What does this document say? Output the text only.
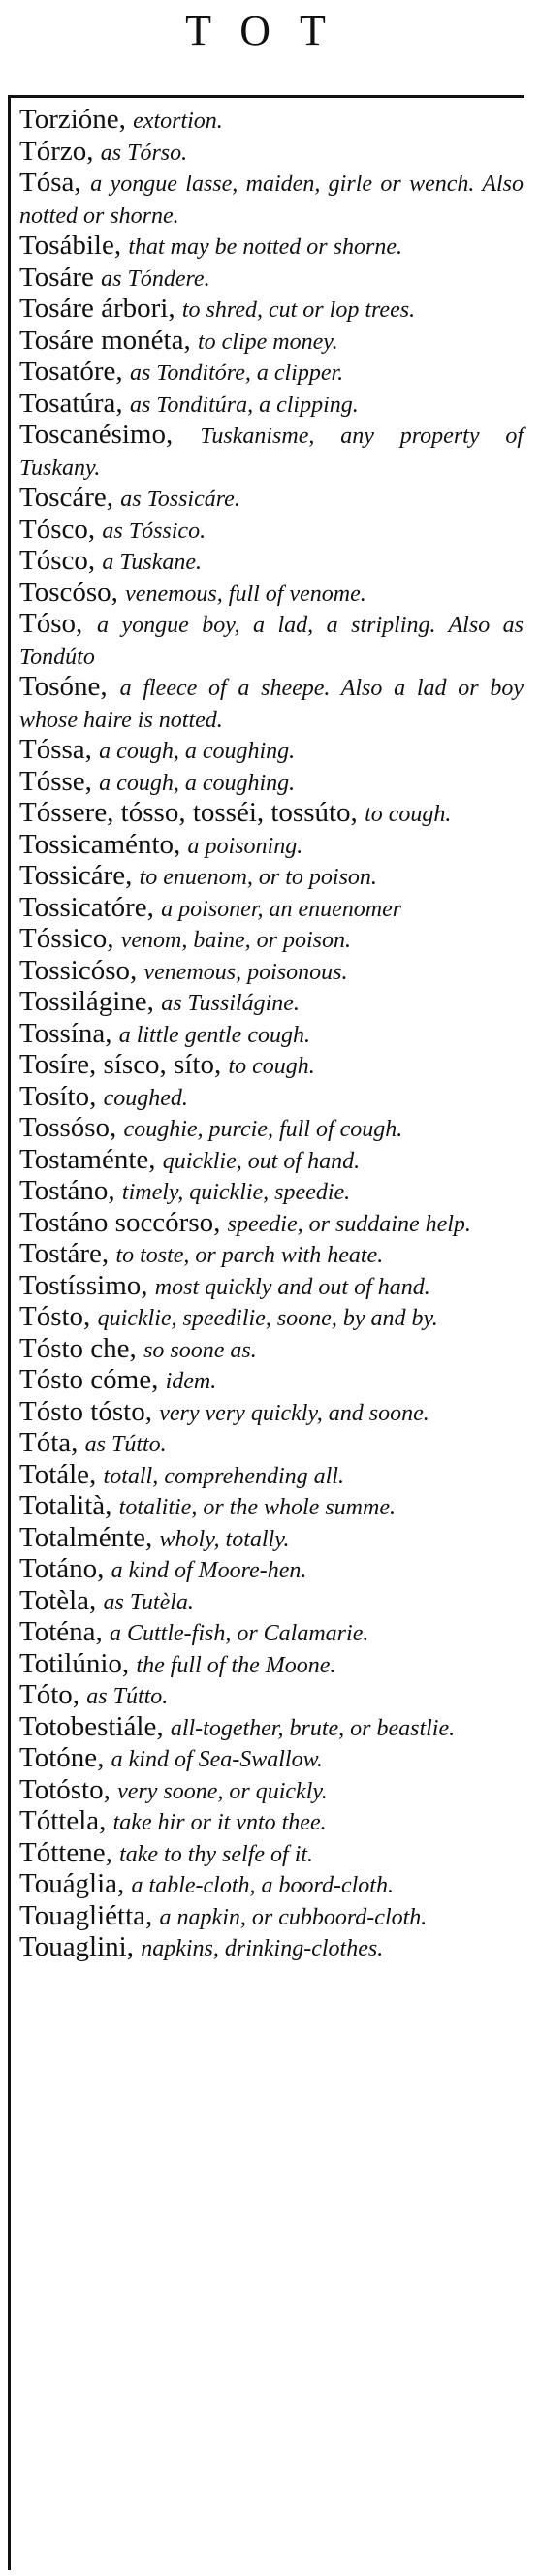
TOT
Torzióne, extortion.
Tórzo, as Tórso.
Tósa, a yongue lasse, maiden, girle or wench. Also notted or shorne.
Tosábile, that may be notted or shorne.
Tosáre as Tóndere.
Tosáre árbori, to shred, cut or lop trees.
Tosáre monéta, to clipe money.
Tosatóre, as Tonditóre, a clipper.
Tosatúra, as Tonditúra, a clipping.
Toscanésimo, Tuskanisme, any property of Tuskany.
Toscáre, as Tossicáre.
Tósco, as Tóssico.
Tósco, a Tuskane.
Toscóso, venemous, full of venome.
Tóso, a yongue boy, a lad, a stripling. Also as Tondúto
Tosóne, a fleece of a sheepe. Also a lad or boy whose haire is notted.
Tóssa, a cough, a coughing.
Tósse, a cough, a coughing.
Tóssere, tósso, tosséi, tossúto, to cough.
Tossicaménto, a poisoning.
Tossicáre, to enuenom, or to poison.
Tossicatóre, a poisoner, an enuenomer
Tóssico, venom, baine, or poison.
Tossicóso, venemous, poisonous.
Tossilágine, as Tussilágine.
Tossína, a little gentle cough.
Tosíre, sísco, síto, to cough.
Tosíto, coughed.
Tossóso, coughie, purcie, full of cough.
Tostaménte, quicklie, out of hand.
Tostáno, timely, quicklie, speedie.
Tostáno soccórso, speedie, or suddaine help.
Tostáre, to toste, or parch with heate.
Tostíssimo, most quickly and out of hand.
Tósto, quicklie, speedilie, soone, by and by.
Tósto che, so soone as.
Tósto cóme, idem.
Tósto tósto, very very quickly, and soone.
Tóta, as Tútto.
Totále, totall, comprehending all.
Totalità, totalitie, or the whole summe.
Totalménte, wholy, totally.
Totáno, a kind of Moore-hen.
Totèla, as Tutèla.
Toténa, a Cuttle-fish, or Calamarie.
Totilúnio, the full of the Moone.
Tóto, as Tútto.
Totobestiále, all-together, brute, or beastlie.
Totóne, a kind of Sea-Swallow.
Totósto, very soone, or quickly.
Tóttela, take hir or it vnto thee.
Tóttene, take to thy selfe of it.
Touáglia, a table-cloth, a boord-cloth.
Touagliétta, a napkin, or cubboord-cloth.
Touaglini, napkins, drinking-clothes.
